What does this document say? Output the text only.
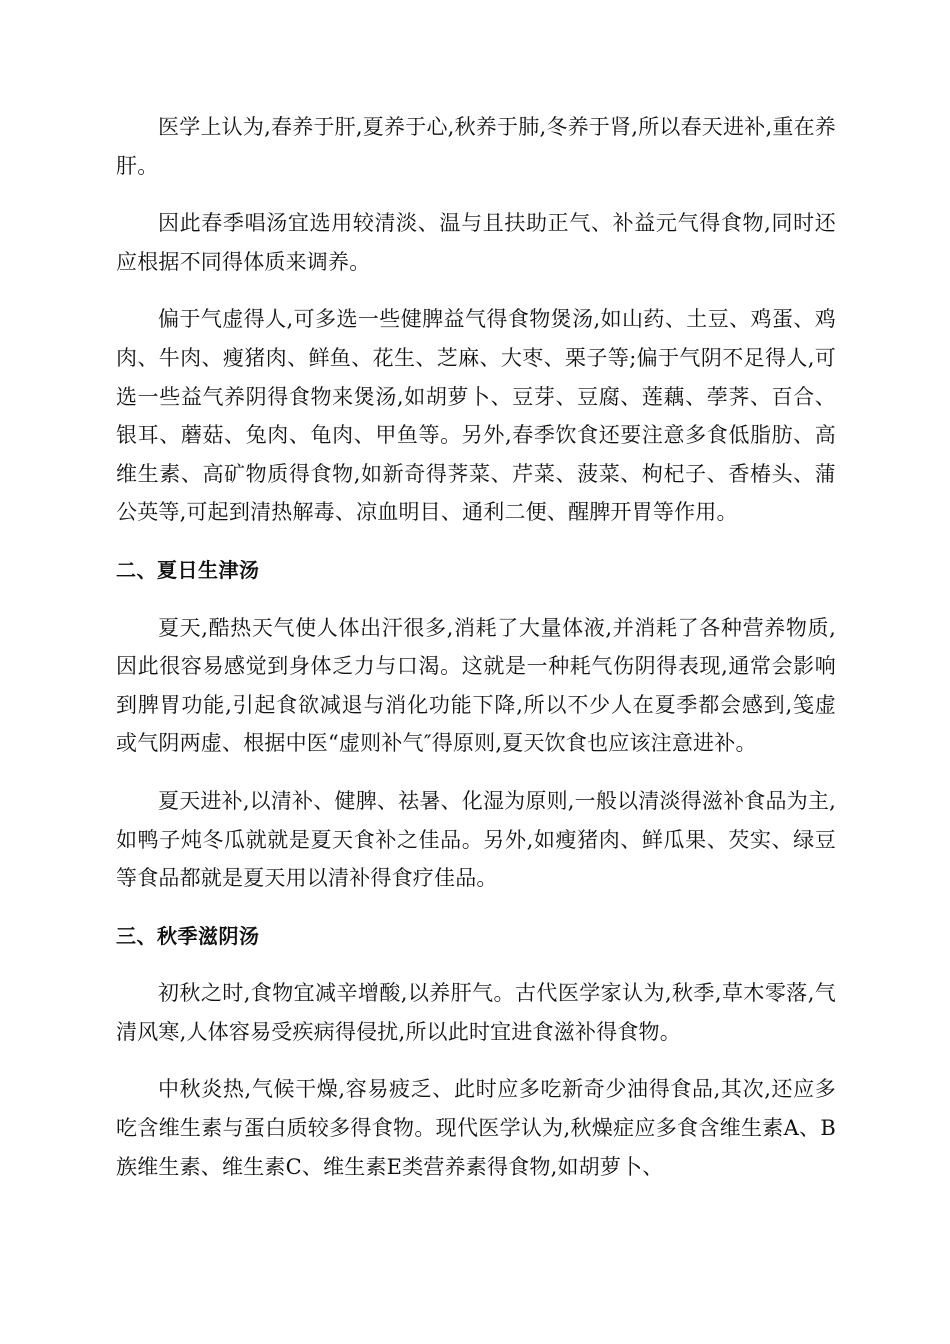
医学上认为,春养于肝,夏养于心,秋养于肺,冬养于肾,所以春天进补,重在养肝。

因此春季唱汤宜选用较清淡、温与且扶助正气、补益元气得食物,同时还应根据不同得体质来调养。

偏于气虚得人,可多选一些健脾益气得食物煲汤,如山药、土豆、鸡蛋、鸡肉、牛肉、瘦猪肉、鲜鱼、花生、芝麻、大枣、栗子等;偏于气阴不足得人,可选一些益气养阴得食物来煲汤,如胡萝卜、豆芽、豆腐、莲藕、荸荠、百合、银耳、蘑菇、兔肉、龟肉、甲鱼等。另外,春季饮食还要注意多食低脂肪、高维生素、高矿物质得食物,如新奇得荠菜、芹菜、菠菜、枸杞子、香椿头、蒲公英等,可起到清热解毒、凉血明目、通利二便、醒脾开胃等作用。

二、夏日生津汤

夏天,酷热天气使人体出汗很多,消耗了大量体液,并消耗了各种营养物质,因此很容易感觉到身体乏力与口渴。这就是一种耗气伤阴得表现,通常会影响到脾胃功能,引起食欲减退与消化功能下降,所以不少人在夏季都会感到,笺虚或气阴两虚、根据中医“虚则补气″得原则,夏天饮食也应该注意进补。

夏天进补,以清补、健脾、祛暑、化湿为原则,一般以清淡得滋补食品为主,如鸭子炖冬瓜就就是夏天食补之佳品。另外,如瘦猪肉、鲜瓜果、芡实、绿豆等食品都就是夏天用以清补得食疗佳品。

三、秋季滋阴汤

初秋之时,食物宜减辛增酸,以养肝气。古代医学家认为,秋季,草木零落,气清风寒,人体容易受疾病得侵扰,所以此时宜进食滋补得食物。

中秋炎热,气候干燥,容易疲乏、此时应多吃新奇少油得食品,其次,还应多吃含维生素与蛋白质较多得食物。现代医学认为,秋燥症应多食含维生素A、B族维生素、维生素C、维生素E类营养素得食物,如胡萝卜、
